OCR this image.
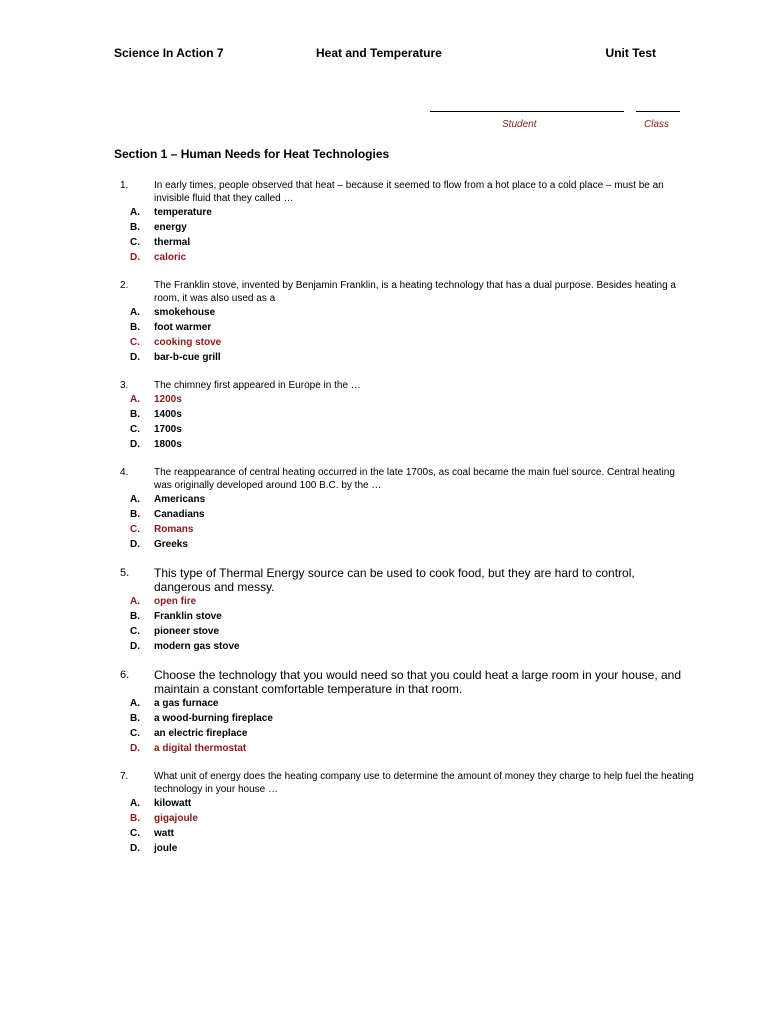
Science In Action 7	Heat and Temperature	Unit Test
Student	Class
Section 1 – Human Needs for Heat Technologies
1.	In early times, people observed that heat – because it seemed to flow from a hot place to a cold place – must be an invisible fluid that they called …
A.	temperature
B.	energy
C.	thermal
D.	caloric
2.	The Franklin stove, invented by Benjamin Franklin, is a heating technology that has a dual purpose. Besides heating a room, it was also used as a
A.	smokehouse
B.	foot warmer
C.	cooking stove
D.	bar-b-cue grill
3.	The chimney first appeared in Europe in the …
A.	1200s
B.	1400s
C.	1700s
D.	1800s
4.	The reappearance of central heating occurred in the late 1700s, as coal became the main fuel source. Central heating was originally developed around 100 B.C. by the …
A.	Americans
B.	Canadians
C.	Romans
D.	Greeks
5.	This type of Thermal Energy source can be used to cook food, but they are hard to control, dangerous and messy.
A.	open fire
B.	Franklin stove
C.	pioneer stove
D.	modern gas stove
6.	Choose the technology that you would need so that you could heat a large room in your house, and maintain a constant comfortable temperature in that room.
A.	a gas furnace
B.	a wood-burning fireplace
C.	an electric fireplace
D.	a digital thermostat
7.	What unit of energy does the heating company use to determine the amount of money they charge to help fuel the heating technology in your house …
A.	kilowatt
B.	gigajoule
C.	watt
D.	joule
